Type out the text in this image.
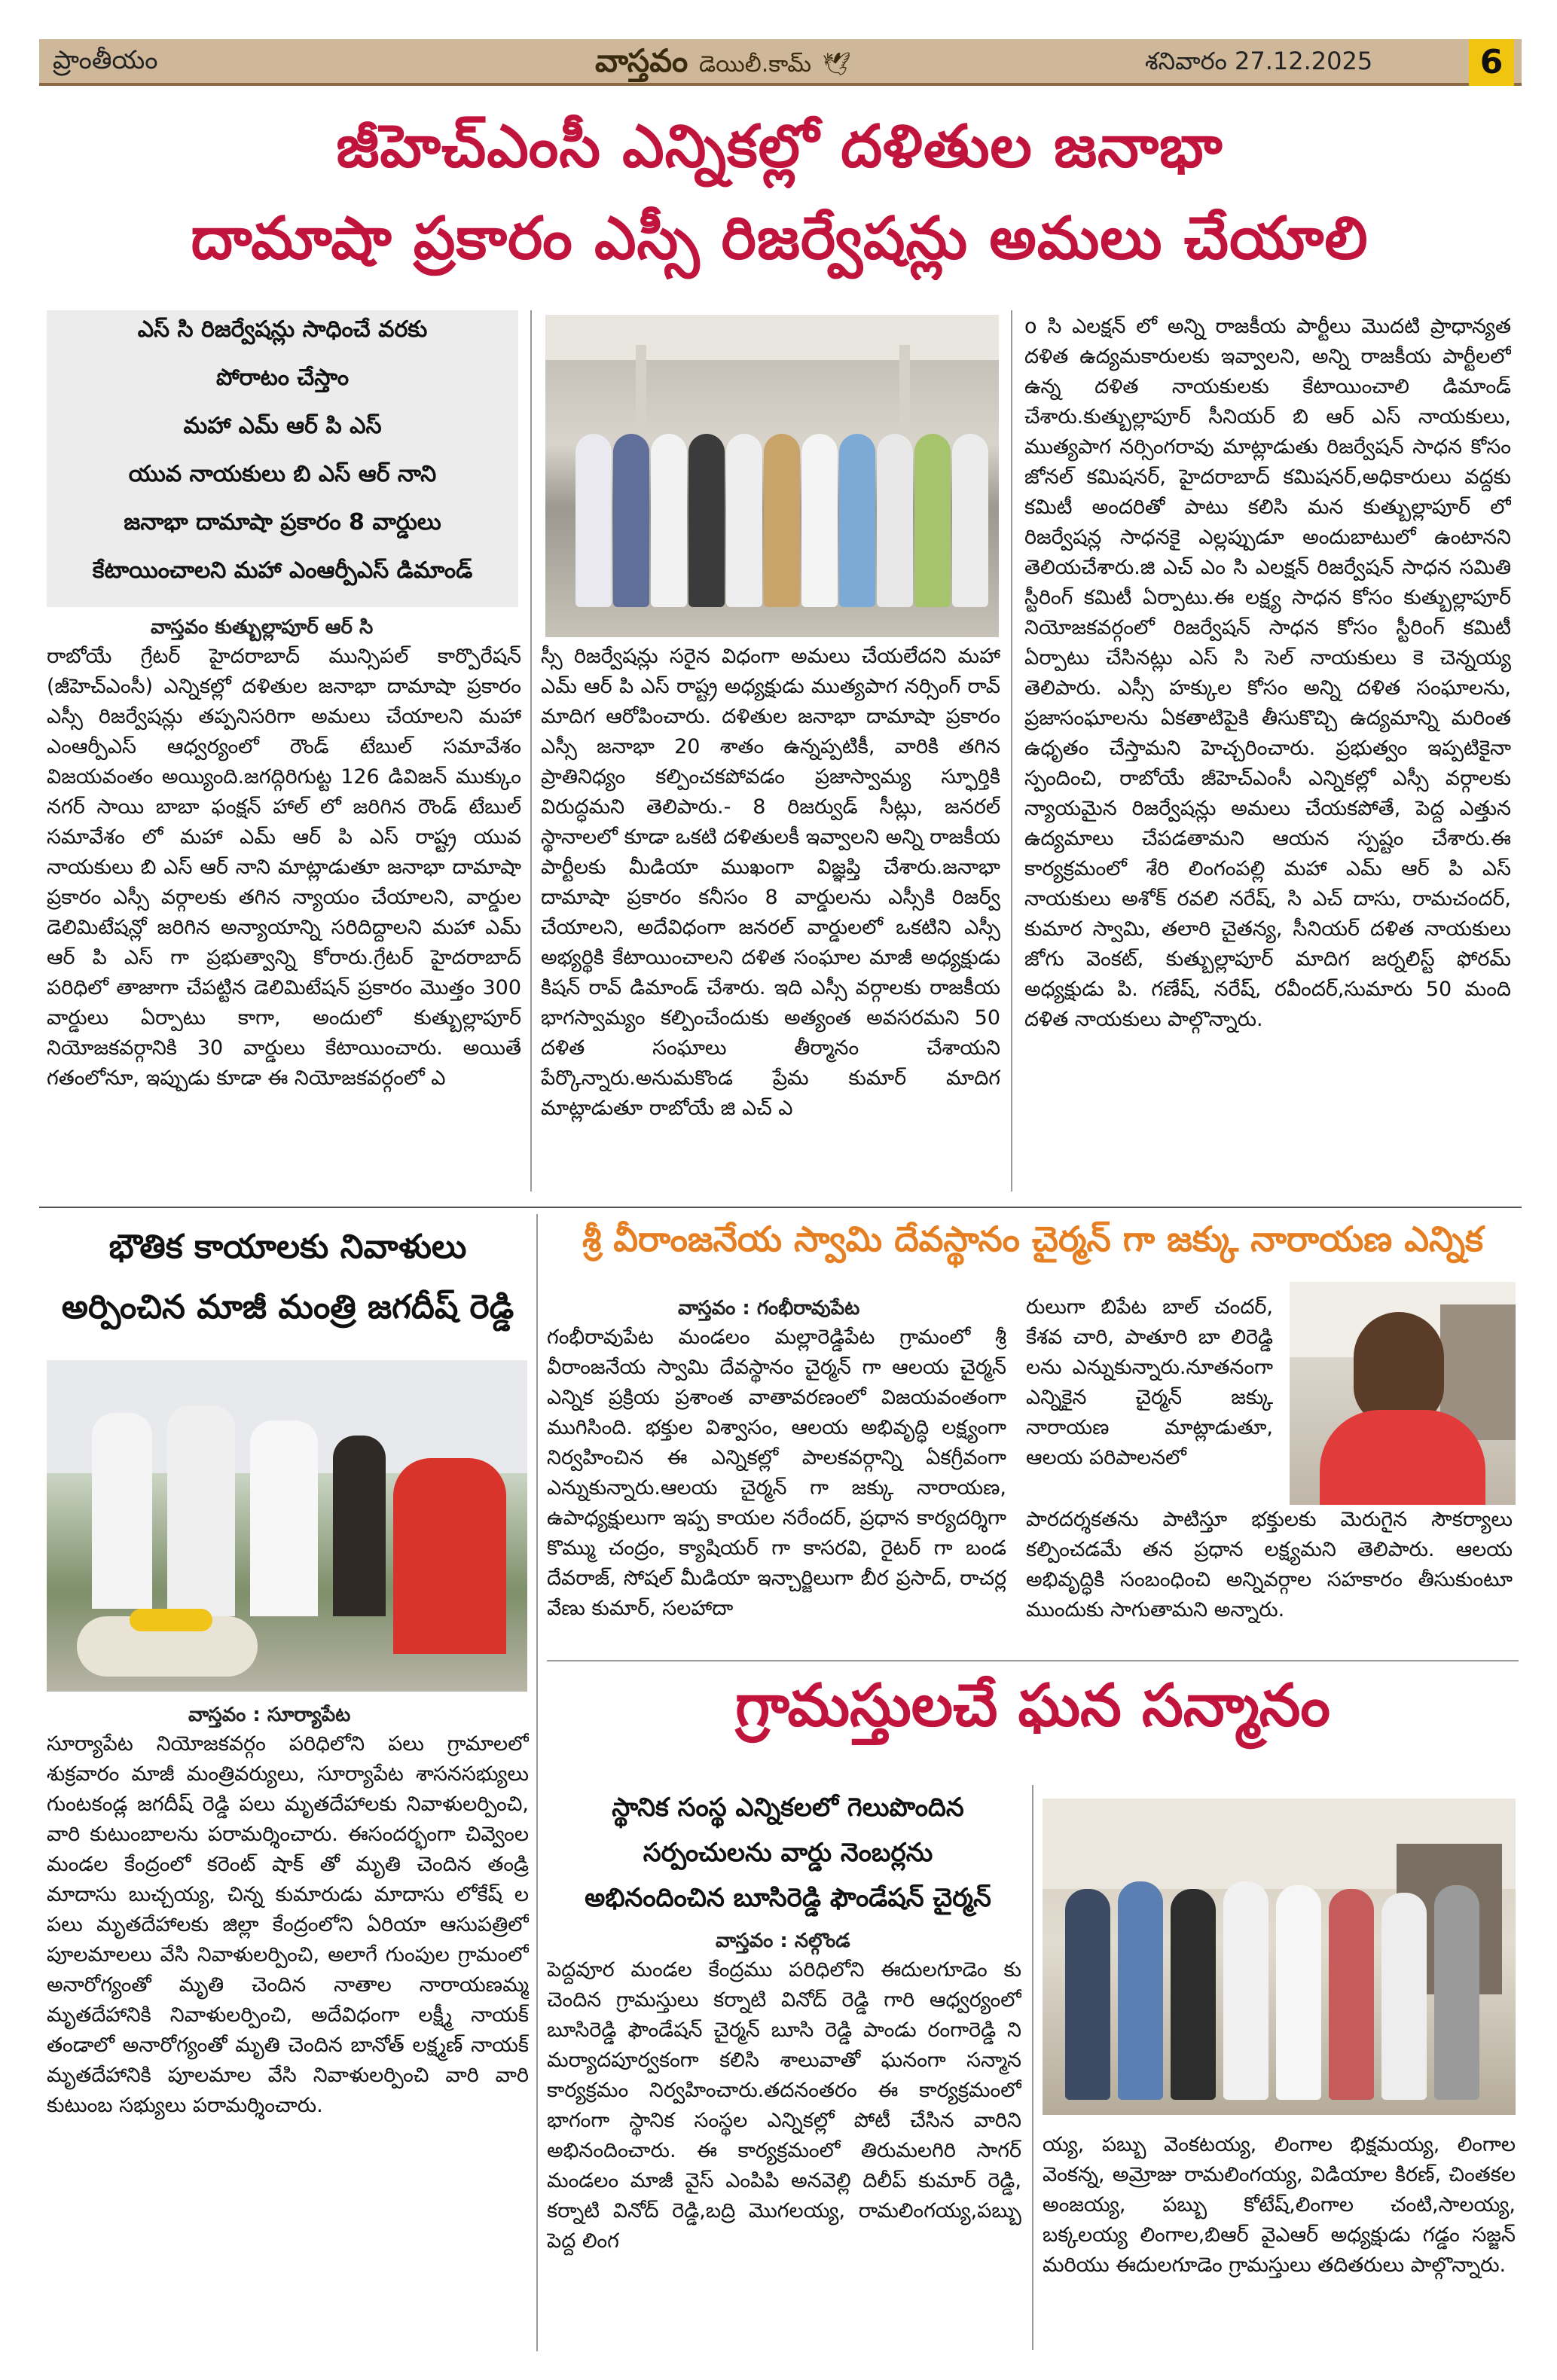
ప్రాంతీయం	వాస్తవం డెయిలీ.కామ్ 🕊	శనివారం 27.12.2025	6
జీహెచ్ఎంసీ ఎన్నికల్లో దళితుల జనాభా
దామాషా ప్రకారం ఎస్సీ రిజర్వేషన్లు అమలు చేయాలి
ఎస్ సి రిజర్వేషన్లు సాధించే వరకు
పోరాటం చేస్తాం
మహా ఎమ్ ఆర్ పి ఎస్
యువ నాయకులు బి ఎస్ ఆర్ నాని
జనాభా దామాషా ప్రకారం 8 వార్డులు
కేటాయించాలని మహా ఎంఆర్పీఎస్ డిమాండ్
వాస్తవం కుత్బుల్లాపూర్ ఆర్ సి
రాబోయే గ్రేటర్ హైదరాబాద్ మున్సిపల్ కార్పొరేషన్ (జీహెచ్ఎంసీ) ఎన్నికల్లో దళితుల జనాభా దామాషా ప్రకారం ఎస్సీ రిజర్వేషన్లు తప్పనిసరిగా అమలు చేయాలని మహా ఎంఆర్పీఎస్ ఆధ్వర్యంలో రౌండ్ టేబుల్ సమావేశం విజయవంతం అయ్యింది.జగద్గిరిగుట్ట 126 డివిజన్ ముక్కుం నగర్ సాయి బాబా ఫంక్షన్ హాల్ లో జరిగిన రౌండ్ టేబుల్ సమావేశం లో మహా ఎమ్ ఆర్ పి ఎస్ రాష్ట్ర యువ నాయకులు బి ఎస్ ఆర్ నాని మాట్లాడుతూ జనాభా దామాషా ప్రకారం ఎస్సీ వర్గాలకు తగిన న్యాయం చేయాలని, వార్డుల డెలిమిటేషన్లో జరిగిన అన్యాయాన్ని సరిదిద్దాలని మహా ఎమ్ ఆర్ పి ఎస్ గా ప్రభుత్వాన్ని కోరారు.గ్రేటర్ హైదరాబాద్ పరిధిలో తాజాగా చేపట్టిన డెలిమిటేషన్ ప్రకారం మొత్తం 300 వార్డులు ఏర్పాటు కాగా, అందులో కుత్బుల్లాపూర్ నియోజకవర్గానికి 30 వార్డులు కేటాయించారు. అయితే గతంలోనూ, ఇప్పుడు కూడా ఈ నియోజకవర్గంలో ఎ
స్సీ రిజర్వేషన్లు సరైన విధంగా అమలు చేయలేదని మహా ఎమ్ ఆర్ పి ఎస్ రాష్ట్ర అధ్యక్షుడు ముత్యపాగ నర్సింగ్ రావ్ మాదిగ ఆరోపించారు. దళితుల జనాభా దామాషా ప్రకారం ఎస్సీ జనాభా 20 శాతం ఉన్నప్పటికీ, వారికి తగిన ప్రాతినిధ్యం కల్పించకపోవడం ప్రజాస్వామ్య స్ఫూర్తికి విరుద్ధమని తెలిపారు.- 8 రిజర్వుడ్ సీట్లు, జనరల్ స్థానాలలో కూడా ఒకటి దళితులకీ ఇవ్వాలని అన్ని రాజకీయ పార్టీలకు మీడియా ముఖంగా విజ్ఞప్తి చేశారు.జనాభా దామాషా ప్రకారం కనీసం 8 వార్డులను ఎస్సీకి రిజర్వ్ చేయాలని, అదేవిధంగా జనరల్ వార్డులలో ఒకటిని ఎస్సీ అభ్యర్థికి కేటాయించాలని దళిత సంఘాల మాజీ అధ్యక్షుడు కిషన్ రావ్ డిమాండ్ చేశారు. ఇది ఎస్సీ వర్గాలకు రాజకీయ భాగస్వామ్యం కల్పించేందుకు అత్యంత అవసరమని 50 దళిత సంఘాలు తీర్మానం చేశాయని పేర్కొన్నారు.అనుమకొండ ప్రేమ కుమార్ మాదిగ మాట్లాడుతూ రాబోయే జి ఎచ్ ఎ
o సి ఎలక్షన్ లో అన్ని రాజకీయ పార్టీలు మొదటి ప్రాధాన్యత దళిత ఉద్యమకారులకు ఇవ్వాలని, అన్ని రాజకీయ పార్టీలలో ఉన్న దళిత నాయకులకు కేటాయించాలి డిమాండ్ చేశారు.కుత్బుల్లాపూర్ సీనియర్ బి ఆర్ ఎస్ నాయకులు, ముత్యపాగ నర్సింగరావు మాట్లాడుతు రిజర్వేషన్ సాధన కోసం జోనల్ కమిషనర్, హైదరాబాద్ కమిషనర్,అధికారులు వద్దకు కమిటీ అందరితో పాటు కలిసి మన కుత్బుల్లాపూర్ లో రిజర్వేషన్ల సాధనకై ఎల్లప్పుడూ అందుబాటులో ఉంటానని తెలియచేశారు.జి ఎచ్ ఎం సి ఎలక్షన్ రిజర్వేషన్ సాధన సమితి స్టీరింగ్ కమిటీ ఏర్పాటు.ఈ లక్ష్య సాధన కోసం కుత్బుల్లాపూర్ నియోజకవర్గంలో రిజర్వేషన్ సాధన కోసం స్టీరింగ్ కమిటీ ఏర్పాటు చేసినట్లు ఎస్ సి సెల్ నాయకులు కె చెన్నయ్య తెలిపారు. ఎస్సీ హక్కుల కోసం అన్ని దళిత సంఘాలను, ప్రజాసంఘాలను ఏకతాటిపైకి తీసుకొచ్చి ఉద్యమాన్ని మరింత ఉధృతం చేస్తామని హెచ్చరించారు. ప్రభుత్వం ఇప్పటికైనా స్పందించి, రాబోయే జీహెచ్ఎంసీ ఎన్నికల్లో ఎస్సీ వర్గాలకు న్యాయమైన రిజర్వేషన్లు అమలు చేయకపోతే, పెద్ద ఎత్తున ఉద్యమాలు చేపడతామని ఆయన స్పష్టం చేశారు.ఈ కార్యక్రమంలో శేరి లింగంపల్లి మహా ఎమ్ ఆర్ పి ఎస్ నాయకులు అశోక్ రవలి నరేష్, సి ఎచ్ దాసు, రామచందర్, కుమార స్వామి, తలారి చైతన్య, సీనియర్ దళిత నాయకులు జోగు వెంకట్, కుత్బుల్లాపూర్ మాదిగ జర్నలిస్ట్ ఫోరమ్ అధ్యక్షుడు పి. గణేష్, నరేష్, రవీందర్,సుమారు 50 మంది దళిత నాయకులు పాల్గొన్నారు.
భౌతిక కాయాలకు నివాళులు
అర్పించిన మాజీ మంత్రి జగదీష్ రెడ్డి
వాస్తవం : సూర్యాపేట
సూర్యాపేట నియోజకవర్గం పరిధిలోని పలు గ్రామాలలో శుక్రవారం మాజీ మంత్రివర్యులు, సూర్యాపేట శాసనసభ్యులు గుంటకండ్ల జగదీష్ రెడ్డి పలు మృతదేహాలకు నివాళులర్పించి, వారి కుటుంబాలను పరామర్శించారు. ఈసందర్భంగా చివ్వెంల మండల కేంద్రంలో కరెంట్ షాక్ తో మృతి చెందిన తండ్రి మాదాసు బుచ్చయ్య, చిన్న కుమారుడు మాదాసు లోకేష్ ల పలు మృతదేహాలకు జిల్లా కేంద్రంలోని ఏరియా ఆసుపత్రిలో పూలమాలలు వేసి నివాళులర్పించి, అలాగే గుంపుల గ్రామంలో అనారోగ్యంతో మృతి చెందిన నాతాల నారాయణమ్మ మృతదేహానికి నివాళులర్పించి, అదేవిధంగా లక్ష్మీ నాయక్ తండాలో అనారోగ్యంతో మృతి చెందిన బానోత్ లక్ష్మణ్ నాయక్ మృతదేహానికి పూలమాల వేసి నివాళులర్పించి వారి వారి కుటుంబ సభ్యులు పరామర్శించారు.
శ్రీ వీరాంజనేయ స్వామి దేవస్థానం చైర్మన్ గా జక్కు నారాయణ ఎన్నిక
వాస్తవం : గంభీరావుపేట
గంభీరావుపేట మండలం మల్లారెడ్డిపేట గ్రామంలో శ్రీ వీరాంజనేయ స్వామి దేవస్థానం చైర్మన్ గా ఆలయ చైర్మన్ ఎన్నిక ప్రక్రియ ప్రశాంత వాతావరణంలో విజయవంతంగా ముగిసింది. భక్తుల విశ్వాసం, ఆలయ అభివృద్ధి లక్ష్యంగా నిర్వహించిన ఈ ఎన్నికల్లో పాలకవర్గాన్ని ఏకగ్రీవంగా ఎన్నుకున్నారు.ఆలయ చైర్మన్ గా జక్కు నారాయణ, ఉపాధ్యక్షులుగా ఇప్ప కాయల నరేందర్, ప్రధాన కార్యదర్శిగా కొమ్ము చంద్రం, క్యాషియర్ గా కాసరవి, రైటర్ గా బండ దేవరాజ్, సోషల్ మీడియా ఇన్చార్జిలుగా బీర ప్రసాద్, రాచర్ల వేణు కుమార్, సలహాదా
రులుగా బిపేట బాల్ చందర్, కేశవ చారి, పాతూరి బా లిరెడ్డి లను ఎన్నుకున్నారు.నూతనంగా ఎన్నికైన చైర్మన్ జక్కు నారాయణ మాట్లాడుతూ, ఆలయ పరిపాలనలో
పారదర్శకతను పాటిస్తూ భక్తులకు మెరుగైన సౌకర్యాలు కల్పించడమే తన ప్రధాన లక్ష్యమని తెలిపారు. ఆలయ అభివృద్ధికి సంబంధించి అన్నివర్గాల సహకారం తీసుకుంటూ ముందుకు సాగుతామని అన్నారు.
గ్రామస్తులచే ఘన సన్మానం
స్థానిక సంస్థ ఎన్నికలలో గెలుపొందిన
సర్పంచులను వార్డు నెంబర్లను
అభినందించిన బూసిరెడ్డి ఫౌండేషన్ చైర్మన్
వాస్తవం : నల్గొండ
పెద్దవూర మండల కేంద్రము పరిధిలోని ఈదులగూడెం కు చెందిన గ్రామస్తులు కర్నాటి వినోద్ రెడ్డి గారి ఆధ్వర్యంలో బూసిరెడ్డి ఫౌండేషన్ చైర్మన్ బూసి రెడ్డి పాండు రంగారెడ్డి ని మర్యాదపూర్వకంగా కలిసి శాలువాతో ఘనంగా సన్మాన కార్యక్రమం నిర్వహించారు.తదనంతరం ఈ కార్యక్రమంలో భాగంగా స్థానిక సంస్థల ఎన్నికల్లో పోటీ చేసిన వారిని అభినందించారు. ఈ కార్యక్రమంలో తిరుమలగిరి సాగర్ మండలం మాజీ వైస్ ఎంపిపి అనవెల్లి దిలీప్ కుమార్ రెడ్డి, కర్నాటి వినోద్ రెడ్డి,బద్రి మొగలయ్య, రామలింగయ్య,పబ్బు పెద్ద లింగ
య్య, పబ్బు వెంకటయ్య, లింగాల భిక్షమయ్య, లింగాల వెంకన్న, అమ్రోజు రామలింగయ్య, విడియాల కిరణ్, చింతకల అంజయ్య, పబ్బు కోటేష్,లింగాల చంటి,సాలయ్య, బక్కలయ్య లింగాల,బిఆర్ వైఎఆర్ అధ్యక్షుడు గడ్డం సజ్జన్ మరియు ఈదులగూడెం గ్రామస్తులు తదితరులు పాల్గొన్నారు.
